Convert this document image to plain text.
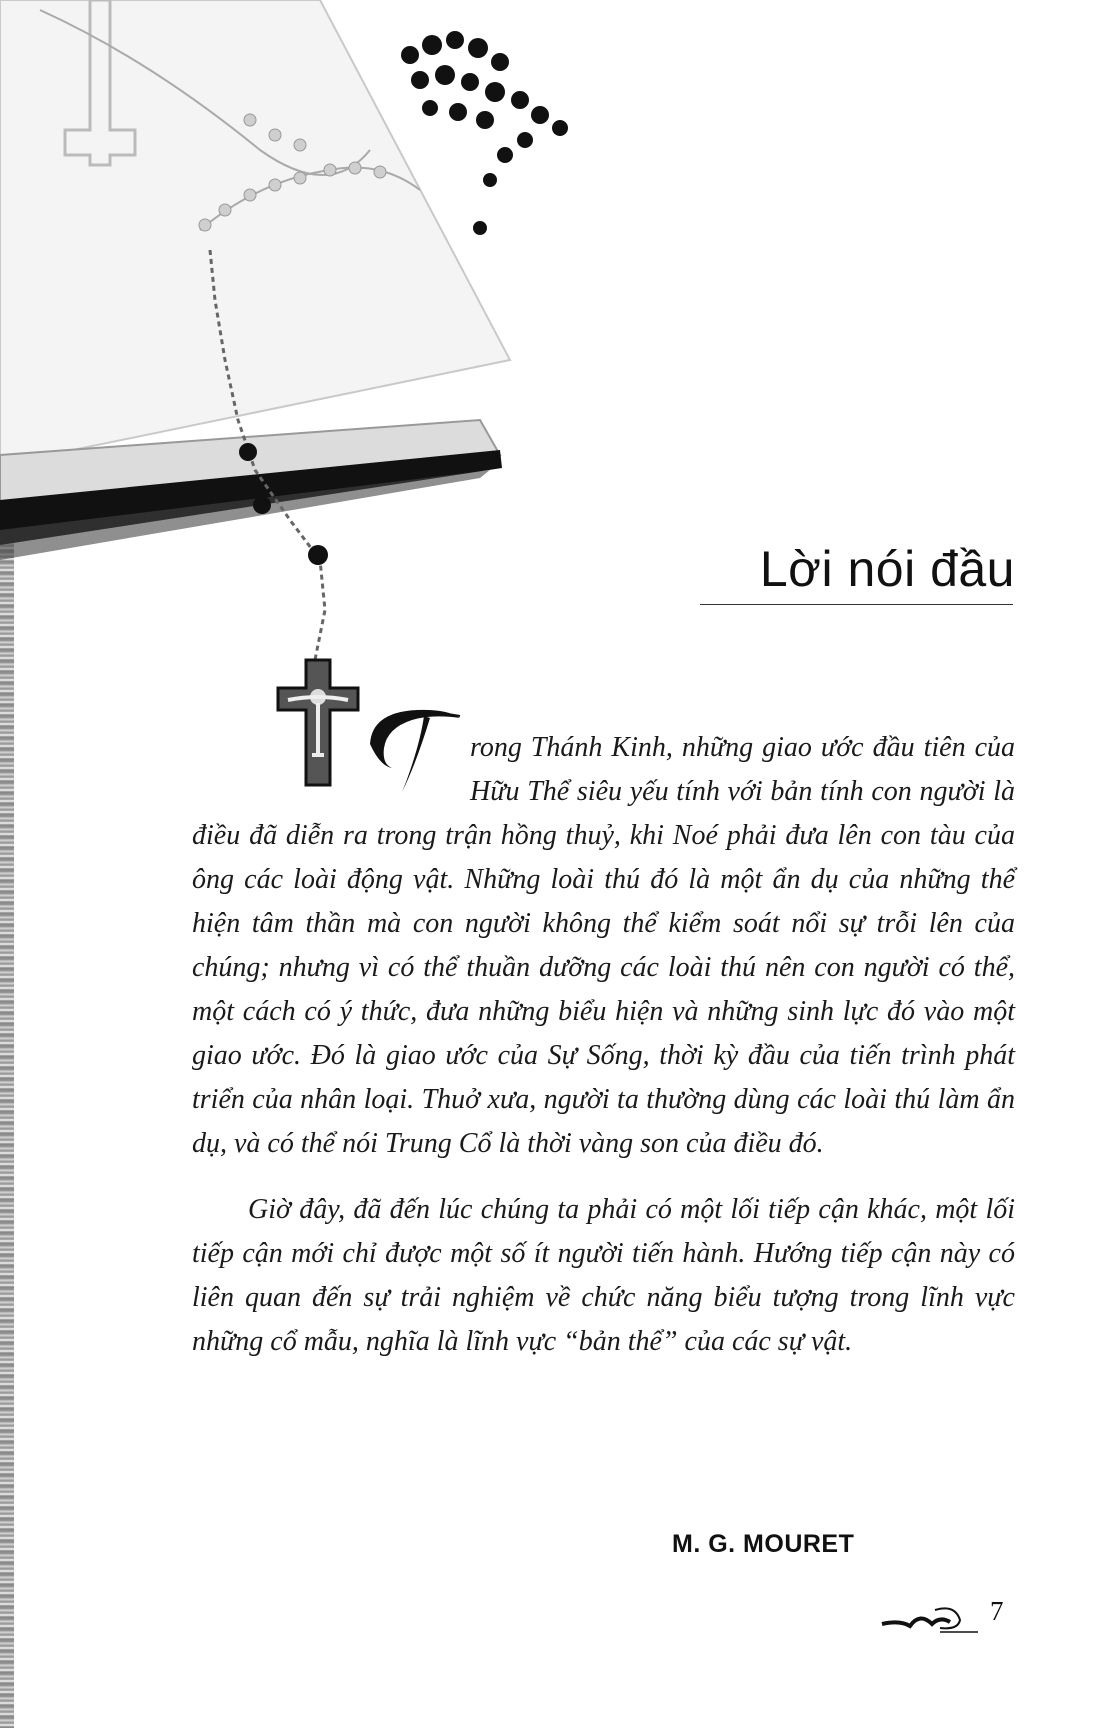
Lời nói đầu

rong Thánh Kinh, những giao ước đầu tiên của Hữu Thể siêu yếu tính với bản tính con người là điều đã diễn ra trong trận hồng thuỷ, khi Noé phải đưa lên con tàu của ông các loài động vật. Những loài thú đó là một ẩn dụ của những thể hiện tâm thần mà con người không thể kiểm soát nổi sự trỗi lên của chúng; nhưng vì có thể thuần dưỡng các loài thú nên con người có thể, một cách có ý thức, đưa những biểu hiện và những sinh lực đó vào một giao ước. Đó là giao ước của Sự Sống, thời kỳ đầu của tiến trình phát triển của nhân loại. Thuở xưa, người ta thường dùng các loài thú làm ẩn dụ, và có thể nói Trung Cổ là thời vàng son của điều đó.

Giờ đây, đã đến lúc chúng ta phải có một lối tiếp cận khác, một lối tiếp cận mới chỉ được một số ít người tiến hành. Hướng tiếp cận này có liên quan đến sự trải nghiệm về chức năng biểu tượng trong lĩnh vực những cổ mẫu, nghĩa là lĩnh vực “bản thể” của các sự vật.

M. G. MOURET
7
